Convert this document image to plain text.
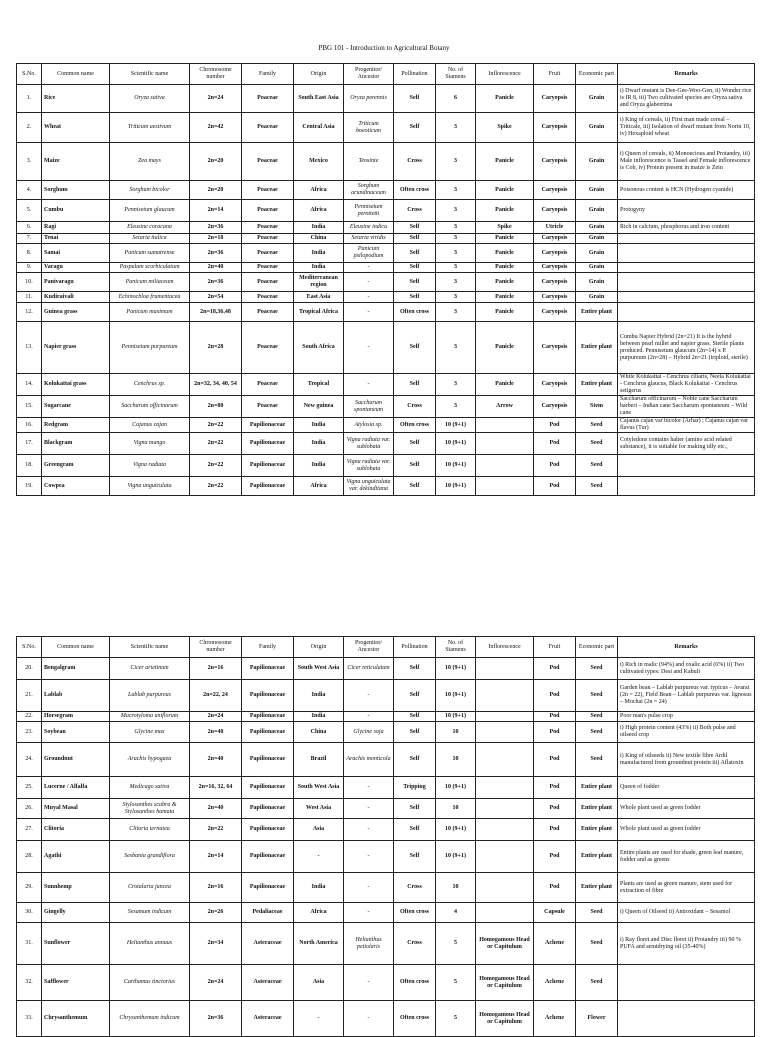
PBG 101 - Introduction to Agricultural Botany
S.No.	Common name	Scientific name	Chromosome number	Family	Origin	Progenitor/ Ancestor	Pollination	No. of Stamens	Inflorescence	Fruit	Economic part	Remarks
1.	Rice	Oryza sativa	2n=24	Poaceae	South East Asia	Oryza perennis	Self	6	Panicle	Caryopsis	Grain	i) Dwarf mutant is Dee-Gee-Woo-Gen, ii) Wonder rice is IR 8, iii) Two cultivated species are Oryza sativa and Oryza glaberrima
2.	Wheat	Triticum aestivum	2n=42	Poaceae	Central Asia	Triticum boeoticum	Self	3	Spike	Caryopsis	Grain	i) King of cereals, ii) First man made cereal – Triticale, iii) Isolation of dwarf mutant from Norin 10, iv) Hexaploid wheat
3.	Maize	Zea mays	2n=20	Poaceae	Mexico	Teosinte	Cross	3	Panicle	Caryopsis	Grain	i) Queen of cereals, ii) Monoecious and Protandry, iii) Male inflorescence is Tassel and Female inflorescence is Cob, iv) Protein present in maize is Zein
4.	Sorghum	Sorghum bicolor	2n=20	Poaceae	Africa	Sorghum arundinaceum	Often cross	3	Panicle	Caryopsis	Grain	Poisonous content is HCN (Hydrogen cyanide)
5.	Cumbu	Pennisetum glaucum	2n=14	Poaceae	Africa	Pennisetum perottetti	Cross	3	Panicle	Caryopsis	Grain	Protogyny
6.	Ragi	Eleusine coracana	2n=36	Poaceae	India	Eleusine indica	Self	3	Spike	Utricle	Grain	Rich in calcium, phosphorus and iron content
7.	Tenai	Setaria italica	2n=18	Poaceae	China	Setaria viridis	Self	3	Panicle	Caryopsis	Grain	
8.	Samai	Panicum sumatrense	2n=36	Poaceae	India	Panicum psilopodium	Self	3	Panicle	Caryopsis	Grain	
9.	Varagu	Paspalum scorbiculatum	2n=40	Poaceae	India	-	Self	3	Panicle	Caryopsis	Grain	
10.	Panivaragu	Panicum miliaceum	2n=36	Poaceae	Mediterranean region	-	Self	3	Panicle	Caryopsis	Grain	
11.	Kudiraivali	Echinochloa frumentacea	2n=54	Poaceae	East Asia	-	Self	3	Panicle	Caryopsis	Grain	
12.	Guinea grass	Panicum maximum	2n=18,36,48	Poaceae	Tropical Africa	-	Often cross	3	Panicle	Caryopsis	Entire plant	
13.	Napier grass	Pennisetum purpureum	2n=28	Poaceae	South Africa	-	Self	3	Panicle	Caryopsis	Entire plant	Cumbu Napier Hybrid (2n=21) It is the hybrid between pearl millet and napier grass. Sterile plants produced. Pennisetum glaucum (2n=14) x P. purpureum (2n=28) – Hybrid 2n=21 (triploid, sterile)
14.	Kolukattai grass	Cenchrus sp.	2n=32, 34, 40, 54	Poaceae	Tropical	-	Self	3	Panicle	Caryopsis	Entire plant	White Kolukattai - Cenchrus ciliaris, Neela Kolukattai - Cenchrus glaucus, Black Kolukattai - Cenchrus setigerus
15.	Sugarcane	Saccharum officinarum	2n=80	Poaceae	New guinea	Saccharum spontaneum	Cross	3	Arrow	Caryopsis	Stem	Saccharum officinarum – Noble cane Saccharum barberi – Indian cane Saccharum spontaneum – Wild cane
16.	Redgram	Cajanus cajan	2n=22	Papilionaceae	India	Atylosia sp.	Often cross	10 (9+1)		Pod	Seed	Cajanus cajan var bicolor (Arhar) ; Cajanus cajan var flavus (Tur)
17.	Blackgram	Vigna mungo	2n=22	Papilionaceae	India	Vigna radiata var. sublobata	Self	10 (9+1)		Pod	Seed	Cotyledons contains halter (amino acid related substance), it is suitable for making idly etc.,
18.	Greengram	Vigna radiata	2n=22	Papilionaceae	India	Vigna radiata var. sublobata	Self	10 (9+1)		Pod	Seed	
19.	Cowpea	Vigna unguiculata	2n=22	Papilionaceae	Africa	Vigna unguiculata var. dekindtiana	Self	10 (9+1)		Pod	Seed	
S.No.	Common name	Scientific name	Chromosome number	Family	Origin	Progenitor/ Ancestor	Pollination	No. of Stamens	Inflorescence	Fruit	Economic part	Remarks
20.	Bengalgram	Cicer arietinum	2n=16	Papilionaceae	South West Asia	Cicer reticulatum	Self	10 (9+1)		Pod	Seed	i) Rich in malic (94%) and oxalic acid (6%) ii) Two cultivated types: Desi and Kabuli
21.	Lablab	Lablab purpureus	2n=22, 24	Papilionaceae	India	-	Self	10 (9+1)		Pod	Seed	Garden bean – Lablab purpureus var. typicus – Avarai (2n = 22), Field Bean – Lablab purpureus var. lignosus – Mochai (2n = 24)
22.	Horsegram	Macrotyloma uniflorum	2n=24	Papilionaceae	India	-	Self	10 (9+1)		Pod	Seed	Poor man's pulse crop
23.	Soybean	Glycine max	2n=40	Papilionaceae	China	Glycine soja	Self	10		Pod	Seed	i) High protein content (43%) ii) Both pulse and oilseed crop
24.	Groundnut	Arachis hypogaea	2n=40	Papilionaceae	Brazil	Arachis monticola	Self	10		Pod	Seed	i) King of oilseeds ii) New textile fibre Ardil manufactured from groundnut protein iii) Aflatoxin
25.	Lucerne / Alfalfa	Medicago sativa	2n=16, 32, 64	Papilionaceae	South West Asia	-	Tripping	10 (9+1)		Pod	Entire plant	Queen of fodder
26.	Muyal Masal	Stylosanthes scabra & Stylosanthes hamata	2n=40	Papilionaceae	West Asia	-	Self	10		Pod	Entire plant	Whole plant used as green fodder
27.	Clitoria	Clitoria ternatea	2n=22	Papilionaceae	Asia	-	Self	10 (9+1)		Pod	Entire plant	Whole plant used as green fodder
28.	Agathi	Sesbania grandiflora	2n=14	Papilionaceae	-	-	Self	10 (9+1)		Pod	Entire plant	Entire plants are used for shade, green leaf manure, fodder and as greens
29.	Sunnhemp	Crotalaria juncea	2n=16	Papilionaceae	India	-	Cross	10		Pod	Entire plant	Plants are used as green manure, stem used for extraction of fibre
30.	Gingelly	Sesamum indicum	2n=26	Pedaliaceae	Africa	-	Often cross	4		Capsule	Seed	i) Queen of Oilseed ii) Antioxidant – Sesamol
31.	Sunflower	Helianthus annuus	2n=34	Asteraceae	North America	Helianthus petiolaris	Cross	5	Homogamous Head or Capitulum	Achene	Seed	i) Ray floret and Disc floret ii) Protandry iii) 90 % PUFA and semidrying oil (35-40%)
32.	Safflower	Carthamus tinctorius	2n=24	Asteraceae	Asia	-	Often cross	5	Homogamous Head or Capitulum	Achene	Seed	
33.	Chrysanthemum	Chrysanthemum indicum	2n=36	Asteraceae	-	-	Often cross	5	Homogamous Head or Capitulum	Achene	Flower	
